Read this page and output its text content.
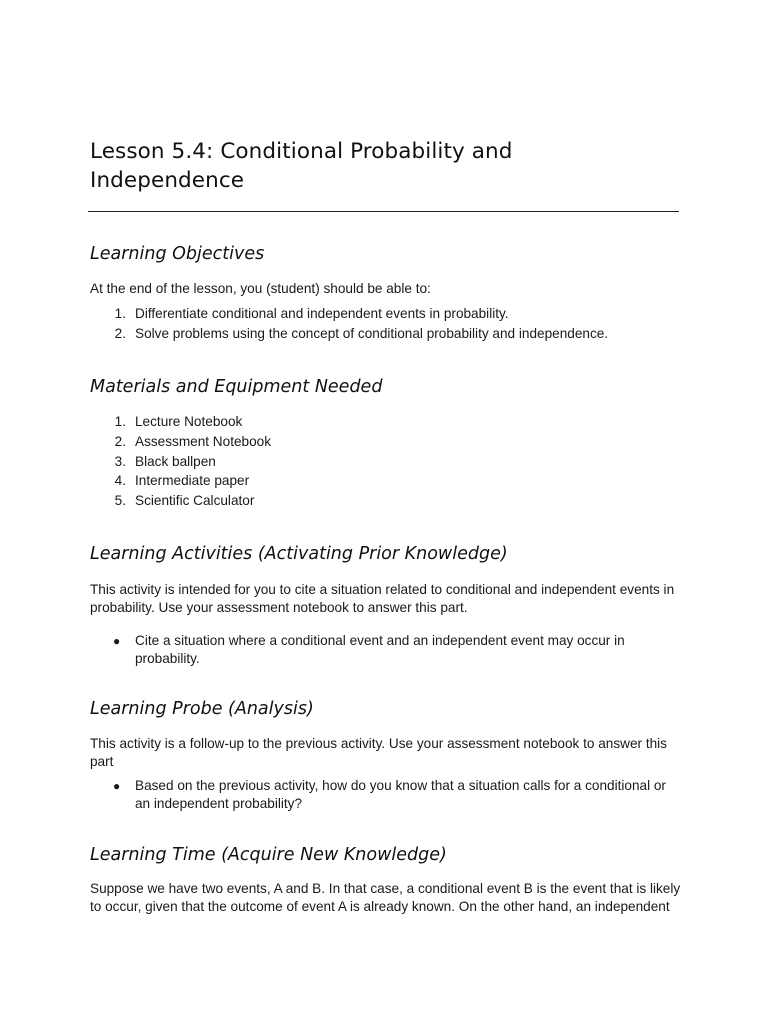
Lesson 5.4: Conditional Probability and Independence
Learning Objectives

At the end of the lesson, you (student) should be able to:

1 . Differentiate conditional and independent events in probability.
2 . Solve problems using the concept of conditional probability and independence.
Materials and Equipment Needed
1 . Lecture Notebook
2 . Assessment Notebook
3 . Black ballpen
4 . Intermediate paper
5 . Scientific Calculator
Learning Activities (Activating Prior Knowledge)

This activity is intended for you to cite a situation related to conditional and independent events in probability. Use your assessment notebook to answer this part.

● Cite a situation where a conditional event and an independent event may occur in probability.
Learning Probe (Analysis)

This activity is a follow-up to the previous activity. Use your assessment notebook to answer this part

● Based on the previous activity, how do you know that a situation calls for a conditional or an independent probability?
Learning Time (Acquire New Knowledge)

Suppose we have two events, A and B. In that case, a conditional event B is the event that is likely to occur, given that the outcome of event A is already known. On the other hand, an independent
